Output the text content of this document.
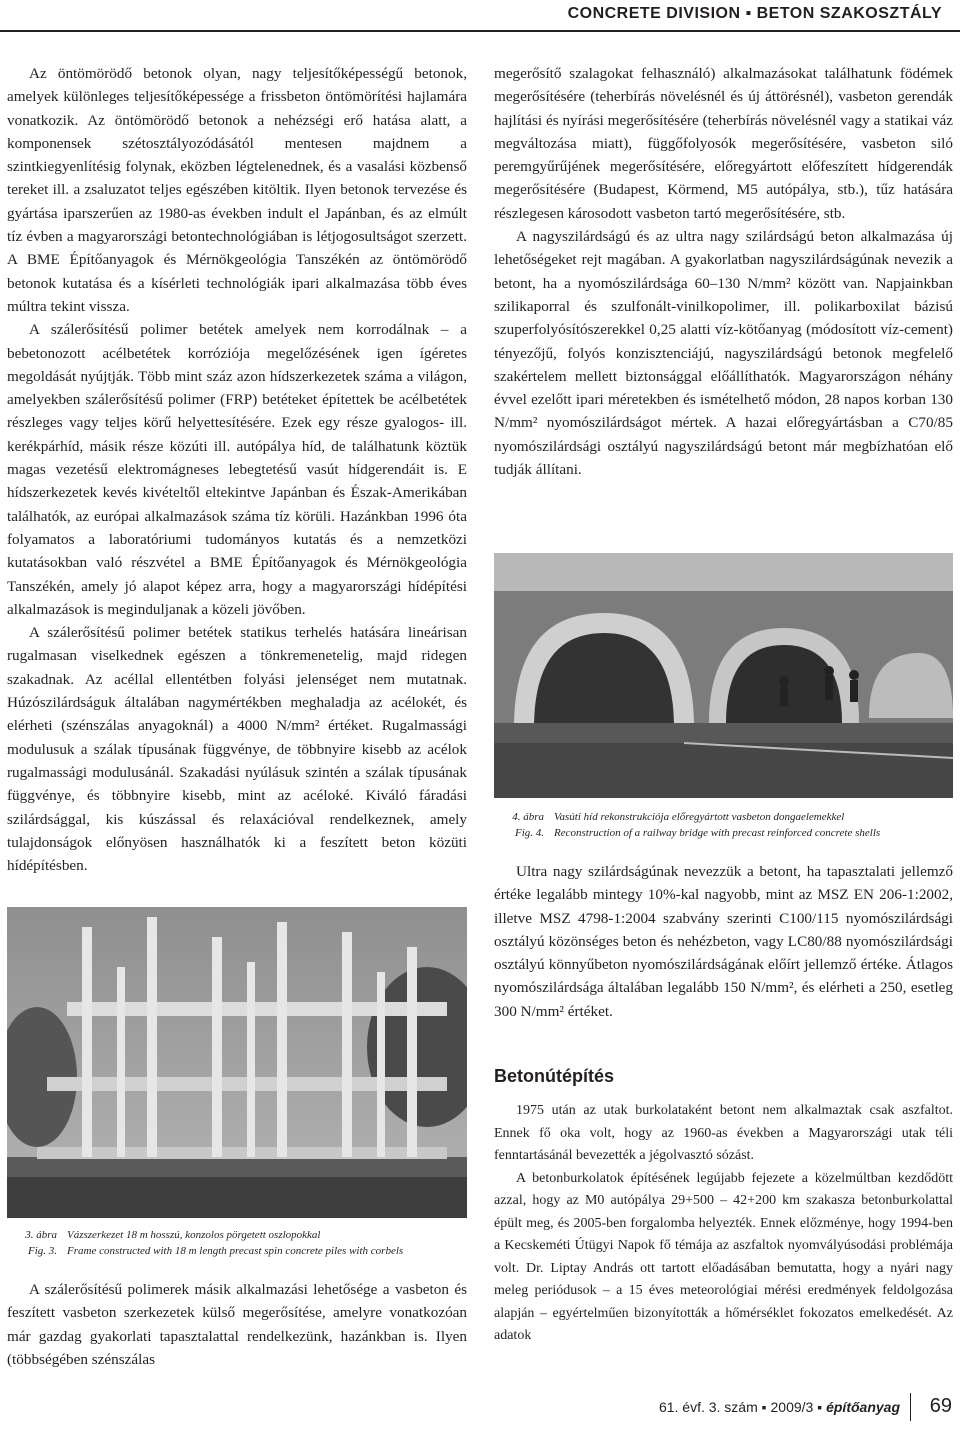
CONCRETE DIVISION ▪ BETON SZAKOSZTÁLY

Az öntömörödő betonok olyan, nagy teljesítőképességű betonok, amelyek különleges teljesítőképessége a frissbeton öntömörítési hajlamára vonatkozik. Az öntömörödő betonok a nehézségi erő hatása alatt, a komponensek szétosztályozódásától mentesen majdnem a szintkiegyenlítésig folynak, eközben légtelenednek, és a vasalási közbenső tereket ill. a zsaluzatot teljes egészében kitöltik. Ilyen betonok tervezése és gyártása iparszerűen az 1980-as években indult el Japánban, és az elmúlt tíz évben a magyarországi betontechnológiában is létjogosultságot szerzett. A BME Építőanyagok és Mérnökgeológia Tanszékén az öntömörödő betonok kutatása és a kísérleti technológiák ipari alkalmazása több éves múltra tekint vissza.

A szálerősítésű polimer betétek amelyek nem korrodálnak – a bebetonozott acélbetétek korróziója megelőzésének igen ígéretes megoldását nyújtják. Több mint száz azon hídszerkezetek száma a világon, amelyekben szálerősítésű polimer (FRP) betéteket építettek be acélbetétek részleges vagy teljes körű helyettesítésére. Ezek egy része gyalogos- ill. kerékpárhíd, másik része közúti ill. autópálya híd, de találhatunk köztük magas vezetésű elektromágneses lebegtetésű vasút hídgerendáit is. E hídszerkezetek kevés kivételtől eltekintve Japánban és Észak-Amerikában találhatók, az európai alkalmazások száma tíz körüli. Hazánkban 1996 óta folyamatos a laboratóriumi tudományos kutatás és a nemzetközi kutatásokban való részvétel a BME Építőanyagok és Mérnökgeológia Tanszékén, amely jó alapot képez arra, hogy a magyarországi hídépítési alkalmazások is meginduljanak a közeli jövőben.

A szálerősítésű polimer betétek statikus terhelés hatására lineárisan rugalmasan viselkednek egészen a tönkremenetelig, majd ridegen szakadnak. Az acéllal ellentétben folyási jelenséget nem mutatnak. Húzószilárdságuk általában nagymértékben meghaladja az acélokét, és elérheti (szénszálas anyagoknál) a 4000 N/mm² értéket. Rugalmassági modulusuk a szálak típusának függvénye, de többnyire kisebb az acélok rugalmassági modulusánál. Szakadási nyúlásuk szintén a szálak típusának függvénye, és többnyire kisebb, mint az acéloké. Kiváló fáradási szilárdsággal, kis kúszással és relaxációval rendelkeznek, amely tulajdonságok előnyösen használhatók ki a feszített beton közüti hídépítésben.

3. ábra Vázszerkezet 18 m hosszú, konzolos pörgetett oszlopokkal
Fig. 3. Frame constructed with 18 m length precast spin concrete piles with corbels

A szálerősítésű polimerek másik alkalmazási lehetősége a vasbeton és feszített vasbeton szerkezetek külső megerősítése, amelyre vonatkozóan már gazdag gyakorlati tapasztalattal rendelkezünk, hazánkban is. Ilyen (többségében szénszálas

megerősítő szalagokat felhasználó) alkalmazásokat találhatunk födémek megerősítésére (teherbírás növelésnél és új áttörésnél), vasbeton gerendák hajlítási és nyírási megerősítésére (teherbírás növelésnél vagy a statikai váz megváltozása miatt), függőfolyosók megerősítésére, vasbeton siló peremgyűrűjének megerősítésére, előregyártott előfeszített hídgerendák megerősítésére (Budapest, Körmend, M5 autópálya, stb.), tűz hatására részlegesen károsodott vasbeton tartó megerősítésére, stb.

A nagyszilárdságú és az ultra nagy szilárdságú beton alkalmazása új lehetőségeket rejt magában. A gyakorlatban nagyszilárdságúnak nevezik a betont, ha a nyomószilárdsága 60–130 N/mm² között van. Napjainkban szilikaporral és szulfonált-vinilkopolimer, ill. polikarboxilat bázisú szuperfolyósítószerekkel 0,25 alatti víz-kötőanyag (módosított víz-cement) tényezőjű, folyós konzisztenciájú, nagyszilárdságú betonok megfelelő szakértelem mellett biztonsággal előállíthatók. Magyarországon néhány évvel ezelőtt ipari méretekben és ismételhető módon, 28 napos korban 130 N/mm² nyomószilárdságot mértek. A hazai előregyártásban a C70/85 nyomószilárdsági osztályú nagyszilárdságú betont már megbízhatóan elő tudják állítani.

4. ábra Vasúti híd rekonstrukciója előregyártott vasbeton dongaelemekkel
Fig. 4. Reconstruction of a railway bridge with precast reinforced concrete shells

Ultra nagy szilárdságúnak nevezzük a betont, ha tapasztalati jellemző értéke legalább mintegy 10%-kal nagyobb, mint az MSZ EN 206-1:2002, illetve MSZ 4798-1:2004 szabvány szerinti C100/115 nyomószilárdsági osztályú közönséges beton és nehézbeton, vagy LC80/88 nyomószilárdsági osztályú könnyűbeton nyomószilárdságának előírt jellemző értéke. Átlagos nyomószilárdsága általában legalább 150 N/mm², és elérheti a 250, esetleg 300 N/mm² értéket.

Betonútépítés

1975 után az utak burkolataként betont nem alkalmaztak csak aszfaltot. Ennek fő oka volt, hogy az 1960-as években a Magyarországi utak téli fenntartásánál bevezették a jégolvasztó sózást.

A betonburkolatok építésének legújabb fejezete a közelmúltban kezdődött azzal, hogy az M0 autópálya 29+500 – 42+200 km szakasza betonburkolattal épült meg, és 2005-ben forgalomba helyezték. Ennek előzménye, hogy 1994-ben a Kecskeméti Útügyi Napok fő témája az aszfaltok nyomvályúsodási problémája volt. Dr. Liptay András ott tartott előadásában bemutatta, hogy a nyári nagy meleg periódusok – a 15 éves meteorológiai mérési eredmények feldolgozása alapján – egyértelműen bizonyították a hőmérséklet fokozatos emelkedését. Az adatok

61. évf. 3. szám ▪ 2009/3 ▪ építőanyag 69
